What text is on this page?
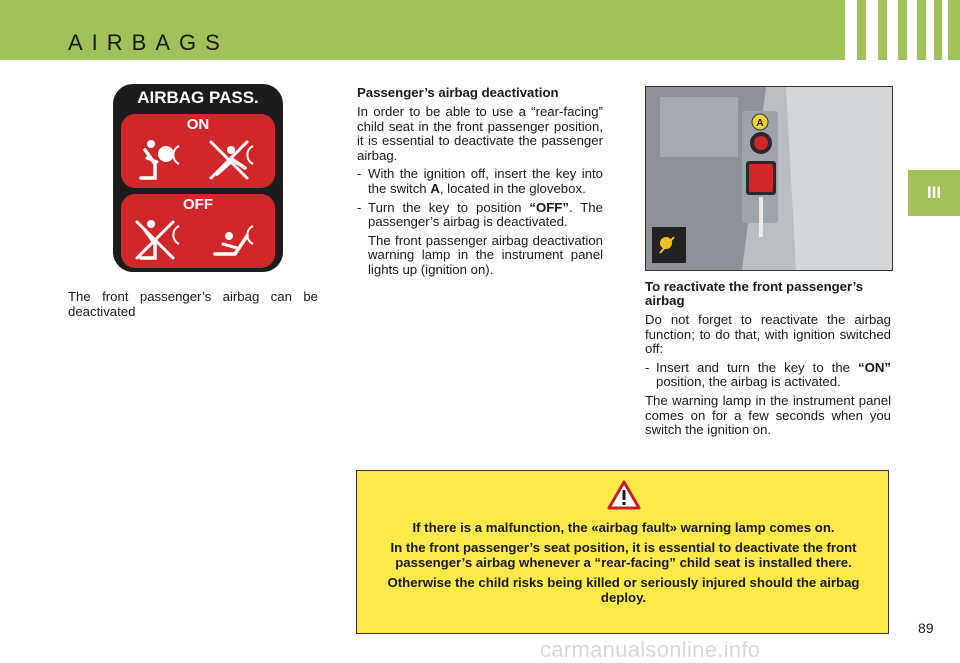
AIRBAGS
III
AIRBAG PASS.
ON
OFF
The front passenger’s airbag can be deactivated
Passenger’s airbag deactivation

In order to be able to use a “rear-facing” child seat in the front passenger position, it is essential to deactivate the passenger airbag.

- With the ignition off, insert the key into the switch A, located in the glovebox.
- Turn the key to position “OFF”. The passenger’s airbag is deactivated.

The front passenger airbag deactivation warning lamp in the instrument panel lights up (ignition on).

A
To reactivate the front passenger’s airbag

Do not forget to reactivate the airbag function; to do that, with ignition switched off:

- Insert and turn the key to the “ON” position, the airbag is activated.

The warning lamp in the instrument panel comes on for a few seconds when you switch the ignition on.

If there is a malfunction, the «airbag fault» warning lamp comes on.

In the front passenger’s seat position, it is essential to deactivate the front passenger’s airbag whenever a “rear-facing” child seat is installed there.

Otherwise the child risks being killed or seriously injured should the airbag deploy.

89
carmanualsonline.info
